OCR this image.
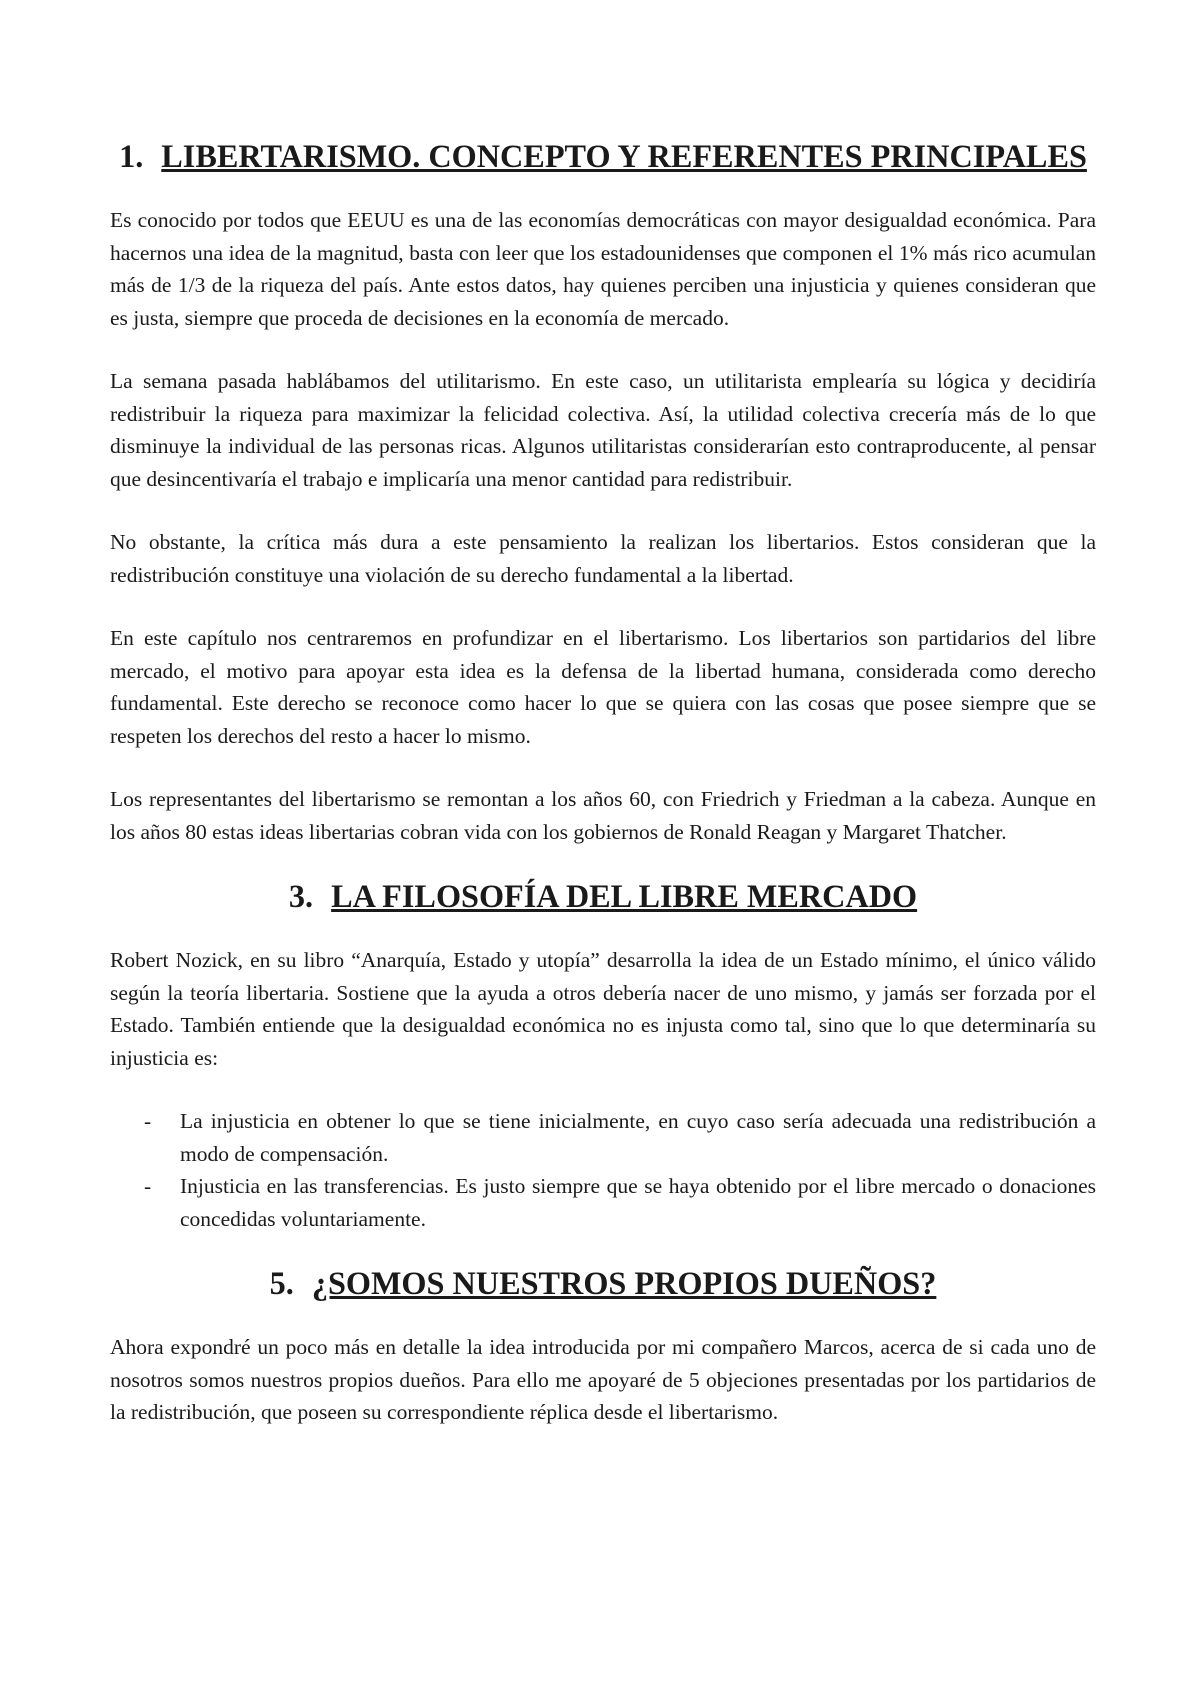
1. LIBERTARISMO. CONCEPTO Y REFERENTES PRINCIPALES

Es conocido por todos que EEUU es una de las economías democráticas con mayor desigualdad económica. Para hacernos una idea de la magnitud, basta con leer que los estadounidenses que componen el 1% más rico acumulan más de 1/3 de la riqueza del país. Ante estos datos, hay quienes perciben una injusticia y quienes consideran que es justa, siempre que proceda de decisiones en la economía de mercado.

La semana pasada hablábamos del utilitarismo. En este caso, un utilitarista emplearía su lógica y decidiría redistribuir la riqueza para maximizar la felicidad colectiva. Así, la utilidad colectiva crecería más de lo que disminuye la individual de las personas ricas. Algunos utilitaristas considerarían esto contraproducente, al pensar que desincentivaría el trabajo e implicaría una menor cantidad para redistribuir.

No obstante, la crítica más dura a este pensamiento la realizan los libertarios. Estos consideran que la redistribución constituye una violación de su derecho fundamental a la libertad.

En este capítulo nos centraremos en profundizar en el libertarismo. Los libertarios son partidarios del libre mercado, el motivo para apoyar esta idea es la defensa de la libertad humana, considerada como derecho fundamental. Este derecho se reconoce como hacer lo que se quiera con las cosas que posee siempre que se respeten los derechos del resto a hacer lo mismo.

Los representantes del libertarismo se remontan a los años 60, con Friedrich y Friedman a la cabeza. Aunque en los años 80 estas ideas libertarias cobran vida con los gobiernos de Ronald Reagan y Margaret Thatcher.

3. LA FILOSOFÍA DEL LIBRE MERCADO

Robert Nozick, en su libro “Anarquía, Estado y utopía” desarrolla la idea de un Estado mínimo, el único válido según la teoría libertaria. Sostiene que la ayuda a otros debería nacer de uno mismo, y jamás ser forzada por el Estado. También entiende que la desigualdad económica no es injusta como tal, sino que lo que determinaría su injusticia es:

- La injusticia en obtener lo que se tiene inicialmente, en cuyo caso sería adecuada una redistribución a modo de compensación.
- Injusticia en las transferencias. Es justo siempre que se haya obtenido por el libre mercado o donaciones concedidas voluntariamente.
5. ¿SOMOS NUESTROS PROPIOS DUEÑOS?

Ahora expondré un poco más en detalle la idea introducida por mi compañero Marcos, acerca de si cada uno de nosotros somos nuestros propios dueños. Para ello me apoyaré de 5 objeciones presentadas por los partidarios de la redistribución, que poseen su correspondiente réplica desde el libertarismo.
